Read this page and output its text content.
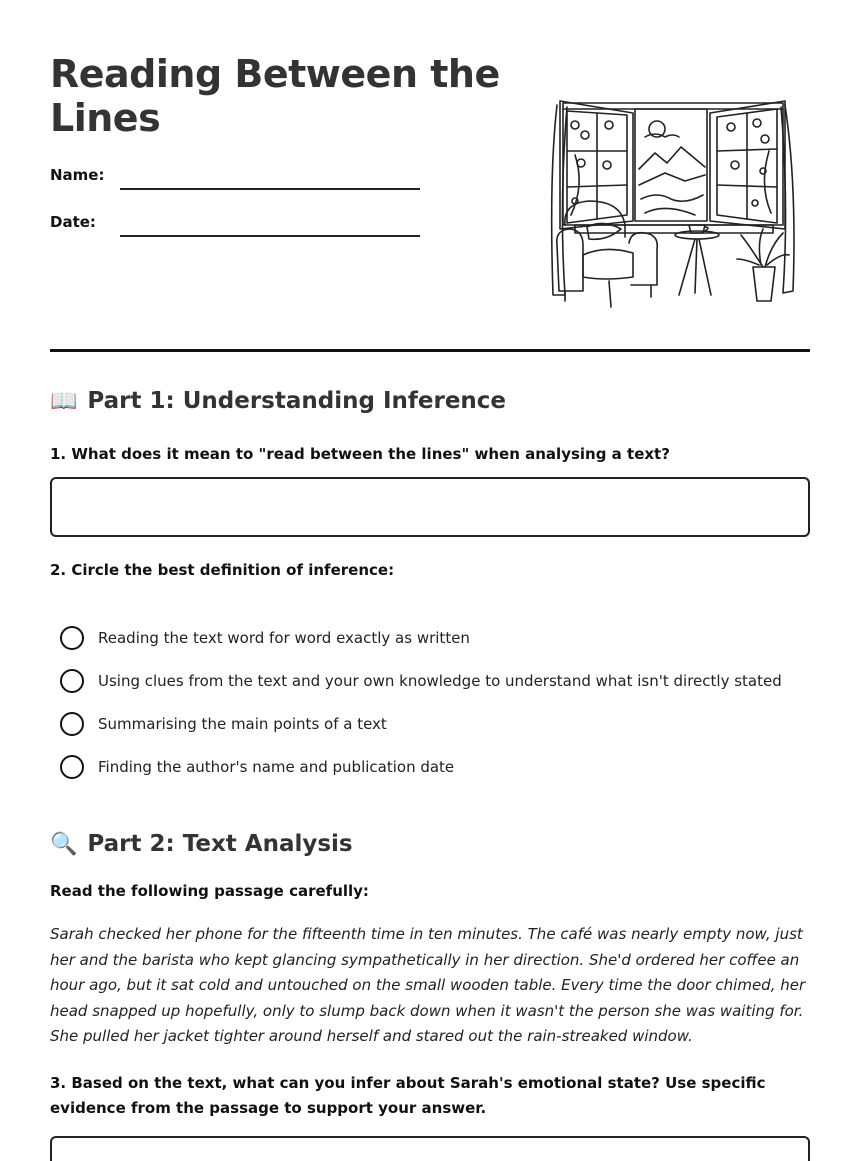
Reading Between the Lines
Name:
Date:
📖 Part 1: Understanding Inference
1. What does it mean to "read between the lines" when analysing a text?
2. Circle the best definition of inference:
Reading the text word for word exactly as written
Using clues from the text and your own knowledge to understand what isn't directly stated
Summarising the main points of a text
Finding the author's name and publication date
🔍 Part 2: Text Analysis
Read the following passage carefully:

Sarah checked her phone for the fifteenth time in ten minutes. The café was nearly empty now, just her and the barista who kept glancing sympathetically in her direction. She'd ordered her coffee an hour ago, but it sat cold and untouched on the small wooden table. Every time the door chimed, her head snapped up hopefully, only to slump back down when it wasn't the person she was waiting for. She pulled her jacket tighter around herself and stared out the rain-streaked window.

3. Based on the text, what can you infer about Sarah's emotional state? Use specific evidence from the passage to support your answer.
